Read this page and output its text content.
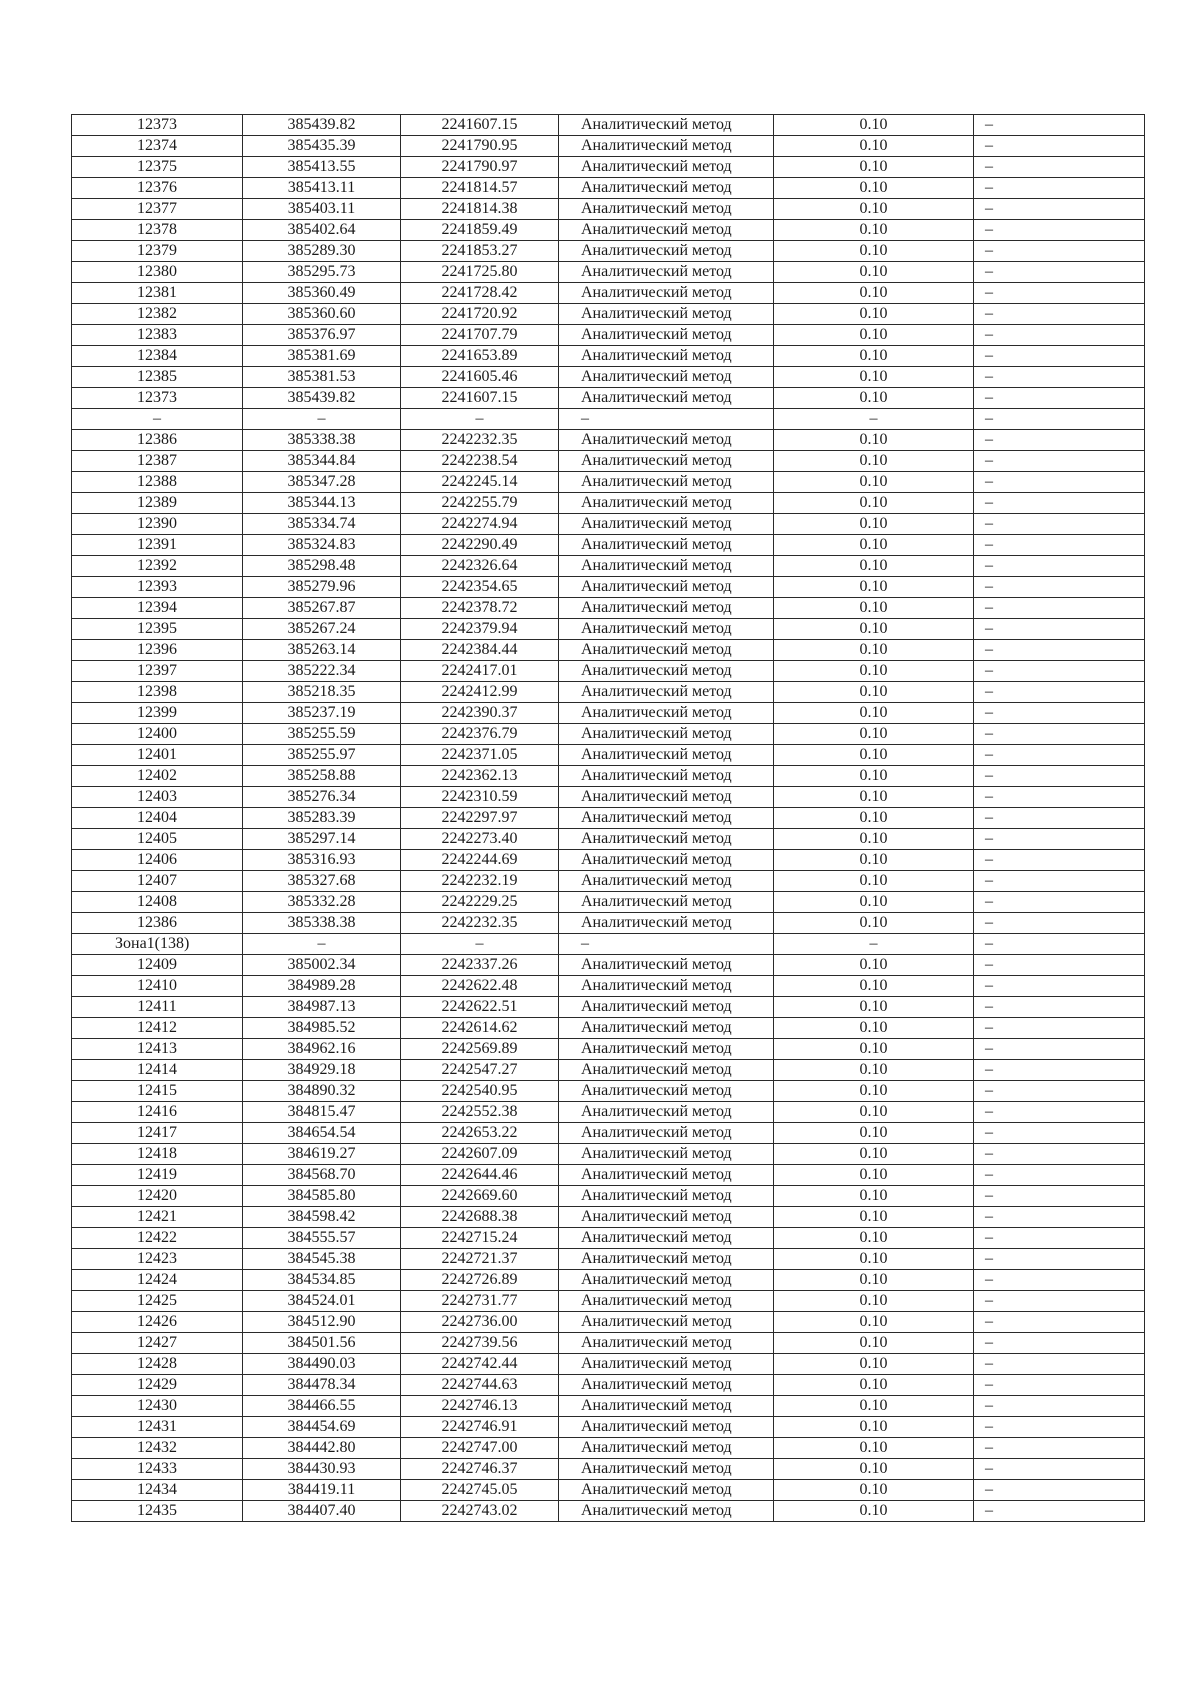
12373	385439.82	2241607.15	Аналитический метод	0.10	–
12374	385435.39	2241790.95	Аналитический метод	0.10	–
12375	385413.55	2241790.97	Аналитический метод	0.10	–
12376	385413.11	2241814.57	Аналитический метод	0.10	–
12377	385403.11	2241814.38	Аналитический метод	0.10	–
12378	385402.64	2241859.49	Аналитический метод	0.10	–
12379	385289.30	2241853.27	Аналитический метод	0.10	–
12380	385295.73	2241725.80	Аналитический метод	0.10	–
12381	385360.49	2241728.42	Аналитический метод	0.10	–
12382	385360.60	2241720.92	Аналитический метод	0.10	–
12383	385376.97	2241707.79	Аналитический метод	0.10	–
12384	385381.69	2241653.89	Аналитический метод	0.10	–
12385	385381.53	2241605.46	Аналитический метод	0.10	–
12373	385439.82	2241607.15	Аналитический метод	0.10	–
–	–	–	–	–	–
12386	385338.38	2242232.35	Аналитический метод	0.10	–
12387	385344.84	2242238.54	Аналитический метод	0.10	–
12388	385347.28	2242245.14	Аналитический метод	0.10	–
12389	385344.13	2242255.79	Аналитический метод	0.10	–
12390	385334.74	2242274.94	Аналитический метод	0.10	–
12391	385324.83	2242290.49	Аналитический метод	0.10	–
12392	385298.48	2242326.64	Аналитический метод	0.10	–
12393	385279.96	2242354.65	Аналитический метод	0.10	–
12394	385267.87	2242378.72	Аналитический метод	0.10	–
12395	385267.24	2242379.94	Аналитический метод	0.10	–
12396	385263.14	2242384.44	Аналитический метод	0.10	–
12397	385222.34	2242417.01	Аналитический метод	0.10	–
12398	385218.35	2242412.99	Аналитический метод	0.10	–
12399	385237.19	2242390.37	Аналитический метод	0.10	–
12400	385255.59	2242376.79	Аналитический метод	0.10	–
12401	385255.97	2242371.05	Аналитический метод	0.10	–
12402	385258.88	2242362.13	Аналитический метод	0.10	–
12403	385276.34	2242310.59	Аналитический метод	0.10	–
12404	385283.39	2242297.97	Аналитический метод	0.10	–
12405	385297.14	2242273.40	Аналитический метод	0.10	–
12406	385316.93	2242244.69	Аналитический метод	0.10	–
12407	385327.68	2242232.19	Аналитический метод	0.10	–
12408	385332.28	2242229.25	Аналитический метод	0.10	–
12386	385338.38	2242232.35	Аналитический метод	0.10	–
Зона1(138)	–	–	–	–	–
12409	385002.34	2242337.26	Аналитический метод	0.10	–
12410	384989.28	2242622.48	Аналитический метод	0.10	–
12411	384987.13	2242622.51	Аналитический метод	0.10	–
12412	384985.52	2242614.62	Аналитический метод	0.10	–
12413	384962.16	2242569.89	Аналитический метод	0.10	–
12414	384929.18	2242547.27	Аналитический метод	0.10	–
12415	384890.32	2242540.95	Аналитический метод	0.10	–
12416	384815.47	2242552.38	Аналитический метод	0.10	–
12417	384654.54	2242653.22	Аналитический метод	0.10	–
12418	384619.27	2242607.09	Аналитический метод	0.10	–
12419	384568.70	2242644.46	Аналитический метод	0.10	–
12420	384585.80	2242669.60	Аналитический метод	0.10	–
12421	384598.42	2242688.38	Аналитический метод	0.10	–
12422	384555.57	2242715.24	Аналитический метод	0.10	–
12423	384545.38	2242721.37	Аналитический метод	0.10	–
12424	384534.85	2242726.89	Аналитический метод	0.10	–
12425	384524.01	2242731.77	Аналитический метод	0.10	–
12426	384512.90	2242736.00	Аналитический метод	0.10	–
12427	384501.56	2242739.56	Аналитический метод	0.10	–
12428	384490.03	2242742.44	Аналитический метод	0.10	–
12429	384478.34	2242744.63	Аналитический метод	0.10	–
12430	384466.55	2242746.13	Аналитический метод	0.10	–
12431	384454.69	2242746.91	Аналитический метод	0.10	–
12432	384442.80	2242747.00	Аналитический метод	0.10	–
12433	384430.93	2242746.37	Аналитический метод	0.10	–
12434	384419.11	2242745.05	Аналитический метод	0.10	–
12435	384407.40	2242743.02	Аналитический метод	0.10	–
